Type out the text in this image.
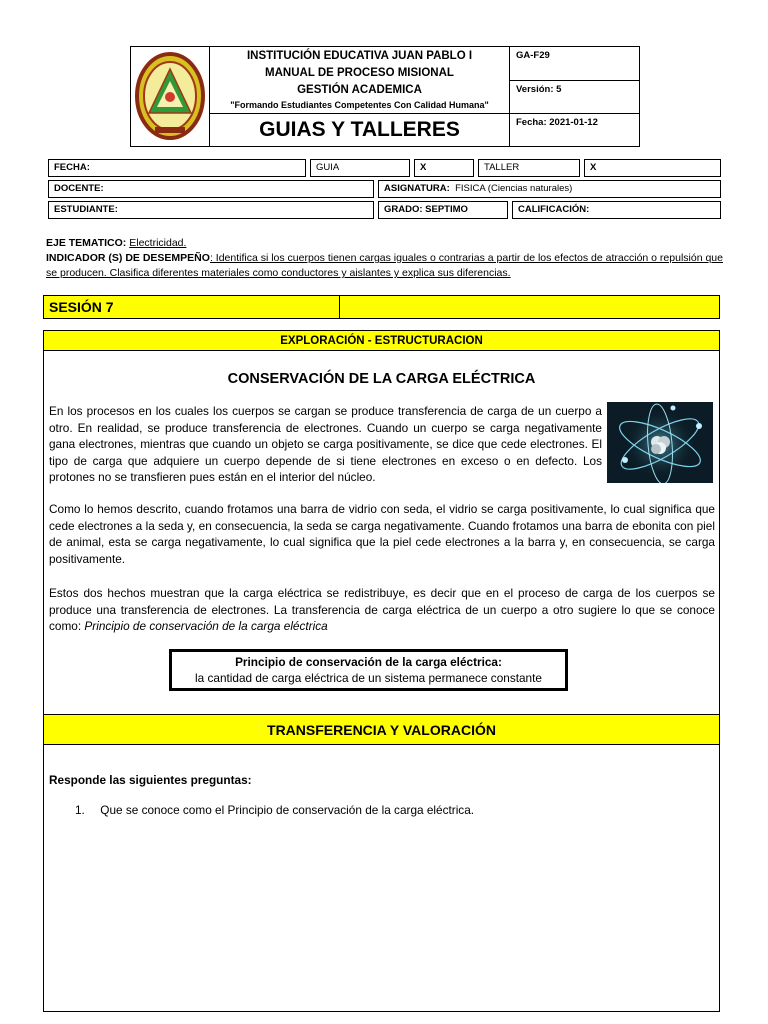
INSTITUCIÓN EDUCATIVA JUAN PABLO I
MANUAL DE PROCESO MISIONAL
GESTIÓN ACADEMICA
"Formando Estudiantes Competentes Con Calidad Humana"
GUIAS Y TALLERES
GA-F29
Versión: 5
Fecha: 2021-01-12
FECHA:	GUIA	X	TALLER	X
DOCENTE:	ASIGNATURA: FISICA (Ciencias naturales)
ESTUDIANTE:	GRADO: SEPTIMO	CALIFICACIÓN:
EJE TEMATICO: Electricidad.
INDICADOR (S) DE DESEMPEÑO: Identifica si los cuerpos tienen cargas iguales o contrarias a partir de los efectos de atracción o repulsión que se producen. Clasifica diferentes materiales como conductores y aislantes y explica sus diferencias.
SESIÓN 7
EXPLORACIÓN - ESTRUCTURACION
CONSERVACIÓN DE LA CARGA ELÉCTRICA
En los procesos en los cuales los cuerpos se cargan se produce transferencia de carga de un cuerpo a otro. En realidad, se produce transferencia de electrones. Cuando un cuerpo se carga negativamente gana electrones, mientras que cuando un objeto se carga positivamente, se dice que cede electrones. El tipo de carga que adquiere un cuerpo depende de si tiene electrones en exceso o en defecto. Los protones no se transfieren pues están en el interior del núcleo.
Como lo hemos descrito, cuando frotamos una barra de vidrio con seda, el vidrio se carga positivamente, lo cual significa que cede electrones a la seda y, en consecuencia, la seda se carga negativamente. Cuando frotamos una barra de ebonita con piel de animal, esta se carga negativamente, lo cual significa que la piel cede electrones a la barra y, en consecuencia, se carga positivamente.
Estos dos hechos muestran que la carga eléctrica se redistribuye, es decir que en el proceso de carga de los cuerpos se produce una transferencia de electrones. La transferencia de carga eléctrica de un cuerpo a otro sugiere lo que se conoce como: Principio de conservación de la carga eléctrica
Principio de conservación de la carga eléctrica:
la cantidad de carga eléctrica de un sistema permanece constante
TRANSFERENCIA Y VALORACIÓN
Responde las siguientes preguntas:
1. Que se conoce como el Principio de conservación de la carga eléctrica.
